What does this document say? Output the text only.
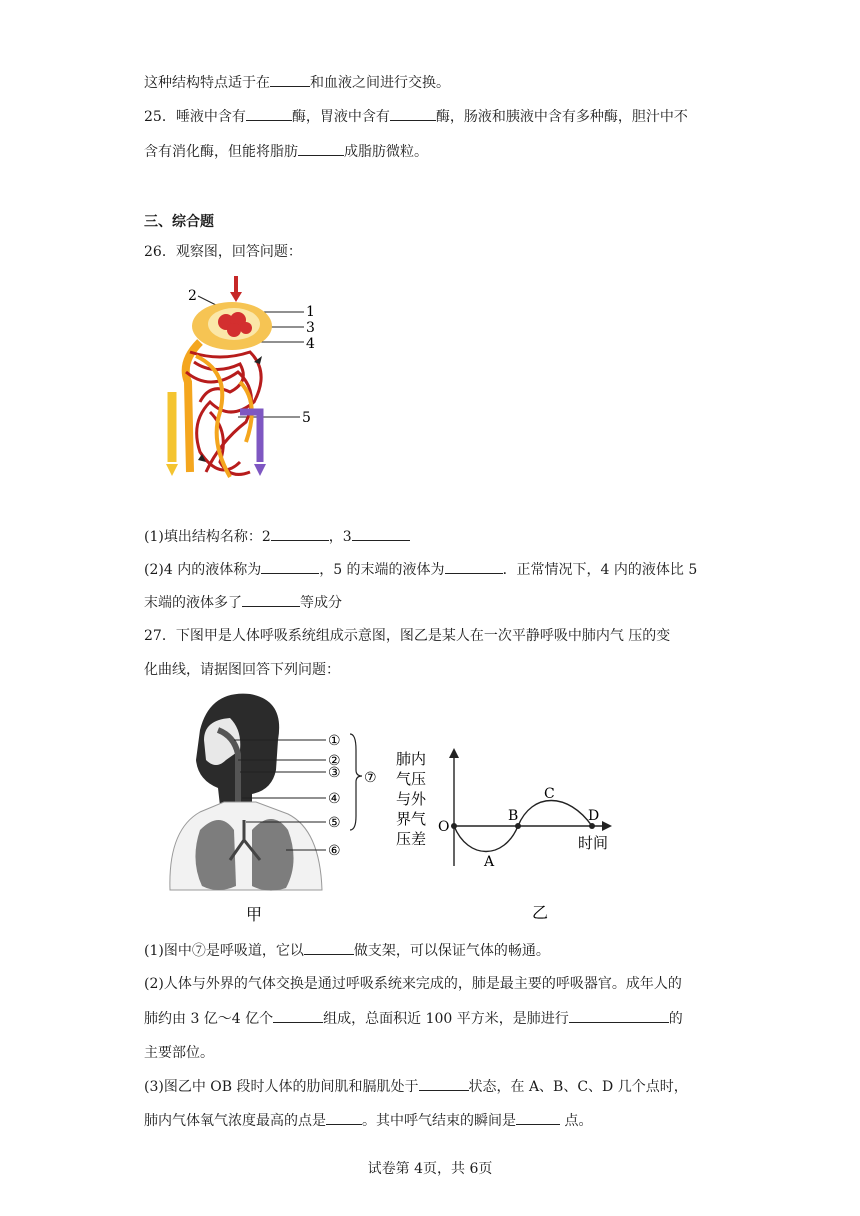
这种结构特点适于在	和血液之间进行交换。
25．唾液中含有	酶，胃液中含有	酶，肠液和胰液中含有多种酶，胆汁中不
含有消化酶，但能将脂肪	成脂肪微粒。
三、综合题
26．观察图，回答问题：
2
1
3
4
5
(1)填出结构名称：2	，3
(2)4 内的液体称为	，5 的末端的液体为	．正常情况下，4 内的液体比 5
末端的液体多了	等成分
27．下图甲是人体呼吸系统组成示意图，图乙是某人在一次平静呼吸中肺内气 压的变
化曲线，请据图回答下列问题：
①
②
③
④
⑤
⑥
⑦
甲
肺内
气压
与外
界气
压差
O
A
B
C
D
时间
乙
(1)图中⑦是呼吸道，它以	做支架，可以保证气体的畅通。
(2)人体与外界的气体交换是通过呼吸系统来完成的，肺是最主要的呼吸器官。成年人的
肺约由 3 亿～4 亿个	组成，总面积近 100 平方米，是肺进行	的
主要部位。
(3)图乙中 OB 段时人体的肋间肌和膈肌处于	状态，在 A、B、C、D 几个点时，
肺内气体氧气浓度最高的点是	。其中呼气结束的瞬间是	点。
试卷第 4页，共 6页
